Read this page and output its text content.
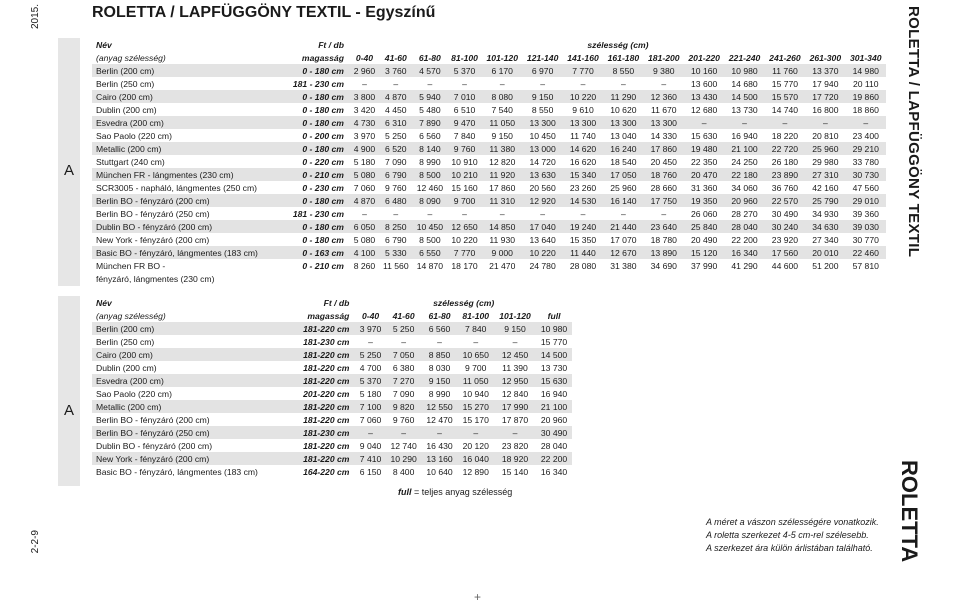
2015.
2-2-9
A
A
ROLETTA / LAPFÜGGÖNY TEXTIL - Egyszínű	ROLETTA / LAPFÜGGÖNY TEXTIL
ROLETTA
Név	Ft / db	szélesség (cm)													
(anyag szélesség)	magasság	0-40	41-60	61-80	81-100	101-120	121-140	141-160	161-180	181-200	201-220	221-240	241-260	261-300	301-340
Berlin (200 cm)	0 - 180 cm	2 960	3 760	4 570	5 370	6 170	6 970	7 770	8 550	9 380	10 160	10 980	11 760	13 370	14 980
Berlin (250 cm)	181 - 230 cm	–	–	–	–	–	–	–	–	–	13 600	14 680	15 770	17 940	20 110
Cairo (200 cm)	0 - 180 cm	3 800	4 870	5 940	7 010	8 080	9 150	10 220	11 290	12 360	13 430	14 500	15 570	17 720	19 860
Dublin (200 cm)	0 - 180 cm	3 420	4 450	5 480	6 510	7 540	8 550	9 610	10 620	11 670	12 680	13 730	14 740	16 800	18 860
Esvedra (200 cm)	0 - 180 cm	4 730	6 310	7 890	9 470	11 050	13 300	13 300	13 300	13 300	–	–	–	–	–
Sao Paolo (220 cm)	0 - 200 cm	3 970	5 250	6 560	7 840	9 150	10 450	11 740	13 040	14 330	15 630	16 940	18 220	20 810	23 400
Metallic (200 cm)	0 - 180 cm	4 900	6 520	8 140	9 760	11 380	13 000	14 620	16 240	17 860	19 480	21 100	22 720	25 960	29 210
Stuttgart (240 cm)	0 - 220 cm	5 180	7 090	8 990	10 910	12 820	14 720	16 620	18 540	20 450	22 350	24 250	26 180	29 980	33 780
München FR - lángmentes (230 cm)	0 - 210 cm	5 080	6 790	8 500	10 210	11 920	13 630	15 340	17 050	18 760	20 470	22 180	23 890	27 310	30 730
SCR3005 - napháló, lángmentes (250 cm)	0 - 230 cm	7 060	9 760	12 460	15 160	17 860	20 560	23 260	25 960	28 660	31 360	34 060	36 760	42 160	47 560
Berlin BO - fényzáró (200 cm)	0 - 180 cm	4 870	6 480	8 090	9 700	11 310	12 920	14 530	16 140	17 750	19 350	20 960	22 570	25 790	29 010
Berlin BO - fényzáró (250 cm)	181 - 230 cm	–	–	–	–	–	–	–	–	–	26 060	28 270	30 490	34 930	39 360
Dublin BO - fényzáró (200 cm)	0 - 180 cm	6 050	8 250	10 450	12 650	14 850	17 040	19 240	21 440	23 640	25 840	28 040	30 240	34 630	39 030
New York - fényzáró (200 cm)	0 - 180 cm	5 080	6 790	8 500	10 220	11 930	13 640	15 350	17 070	18 780	20 490	22 200	23 920	27 340	30 770
Basic BO - fényzáró, lángmentes (183 cm)	0 - 163 cm	4 100	5 330	6 550	7 770	9 000	10 220	11 440	12 670	13 890	15 120	16 340	17 560	20 010	22 460
München FR BO -	0 - 210 cm	8 260	11 560	14 870	18 170	21 470	24 780	28 080	31 380	34 690	37 990	41 290	44 600	51 200	57 810
fényzáró, lángmentes (230 cm)															
Név	Ft / db	szélesség (cm)					
(anyag szélesség)	magasság	0-40	41-60	61-80	81-100	101-120	full
Berlin (200 cm)	181-220 cm	3 970	5 250	6 560	7 840	9 150	10 980
Berlin (250 cm)	181-230 cm	–	–	–	–	–	15 770
Cairo (200 cm)	181-220 cm	5 250	7 050	8 850	10 650	12 450	14 500
Dublin (200 cm)	181-220 cm	4 700	6 380	8 030	9 700	11 390	13 730
Esvedra (200 cm)	181-220 cm	5 370	7 270	9 150	11 050	12 950	15 630
Sao Paolo (220 cm)	201-220 cm	5 180	7 090	8 990	10 940	12 840	16 940
Metallic (200 cm)	181-220 cm	7 100	9 820	12 550	15 270	17 990	21 100
Berlin BO - fényzáró (200 cm)	181-220 cm	7 060	9 760	12 470	15 170	17 870	20 960
Berlin BO - fényzáró (250 cm)	181-230 cm	–	–	–	–	–	30 490
Dublin BO - fényzáró (200 cm)	181-220 cm	9 040	12 740	16 430	20 120	23 820	28 040
New York - fényzáró (200 cm)	181-220 cm	7 410	10 290	13 160	16 040	18 920	22 200
Basic BO - fényzáró, lángmentes (183 cm)	164-220 cm	6 150	8 400	10 640	12 890	15 140	16 340
full = teljes anyag szélesség
A méret a vászon szélességére vonatkozik.
A roletta szerkezet 4-5 cm-rel szélesebb.
A szerkezet ára külön árlistában található.
+
